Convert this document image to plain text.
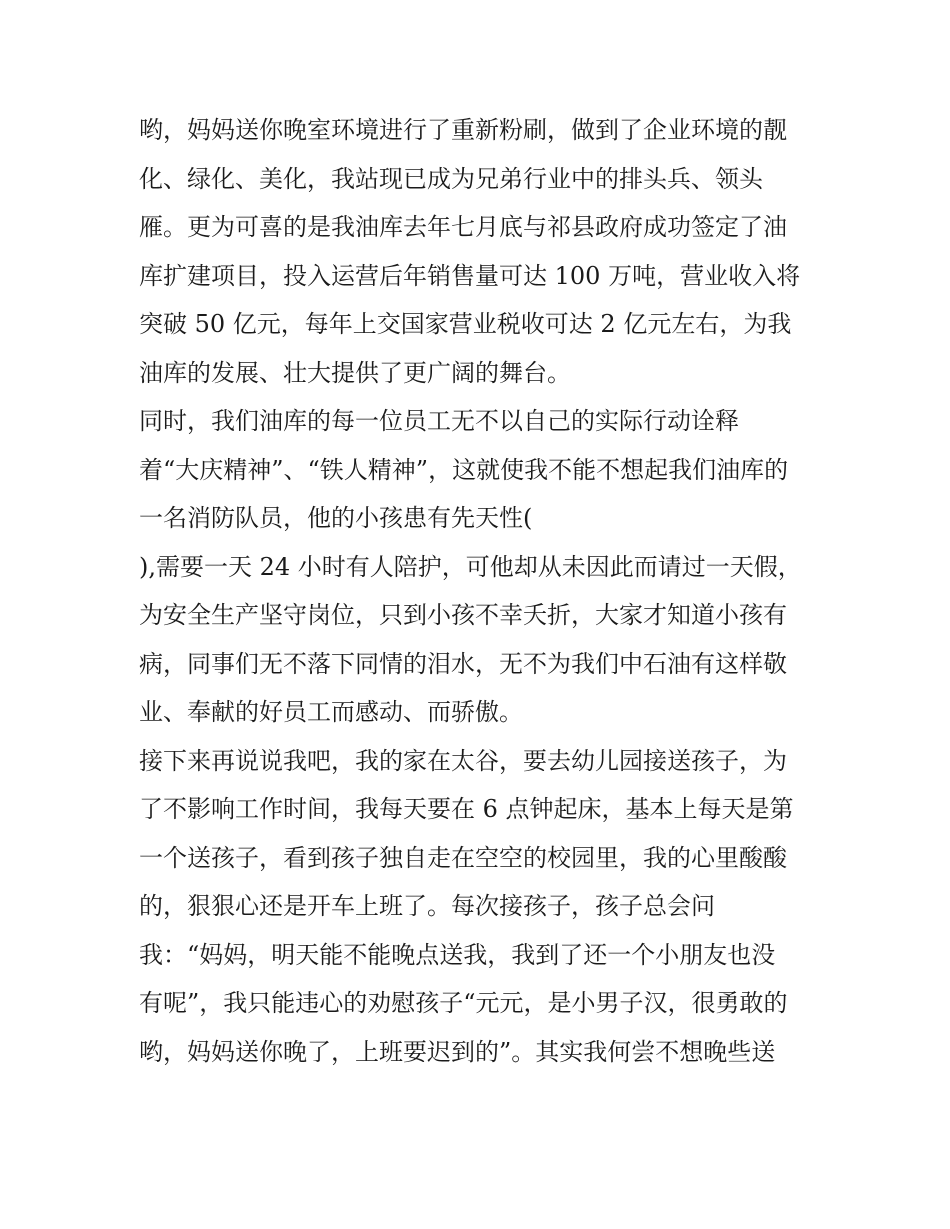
哟，妈妈送你晚室环境进行了重新粉刷，做到了企业环境的靓
化、绿化、美化，我站现已成为兄弟行业中的排头兵、领头
雁。更为可喜的是我油库去年七月底与祁县政府成功签定了油
库扩建项目，投入运营后年销售量可达 100 万吨，营业收入将
突破 50 亿元，每年上交国家营业税收可达 2 亿元左右，为我
油库的发展、壮大提供了更广阔的舞台。
同时，我们油库的每一位员工无不以自己的实际行动诠释
着“大庆精神”、“铁人精神”，这就使我不能不想起我们油库的
一名消防队员，他的小孩患有先天性(
),需要一天 24 小时有人陪护，可他却从未因此而请过一天假，
为安全生产坚守岗位，只到小孩不幸夭折，大家才知道小孩有
病，同事们无不落下同情的泪水，无不为我们中石油有这样敬
业、奉献的好员工而感动、而骄傲。
接下来再说说我吧，我的家在太谷，要去幼儿园接送孩子，为
了不影响工作时间，我每天要在 6 点钟起床，基本上每天是第
一个送孩子，看到孩子独自走在空空的校园里，我的心里酸酸
的，狠狠心还是开车上班了。每次接孩子，孩子总会问
我：“妈妈，明天能不能晚点送我，我到了还一个小朋友也没
有呢”，我只能违心的劝慰孩子“元元，是小男子汉，很勇敢的
哟，妈妈送你晚了，上班要迟到的”。其实我何尝不想晚些送
